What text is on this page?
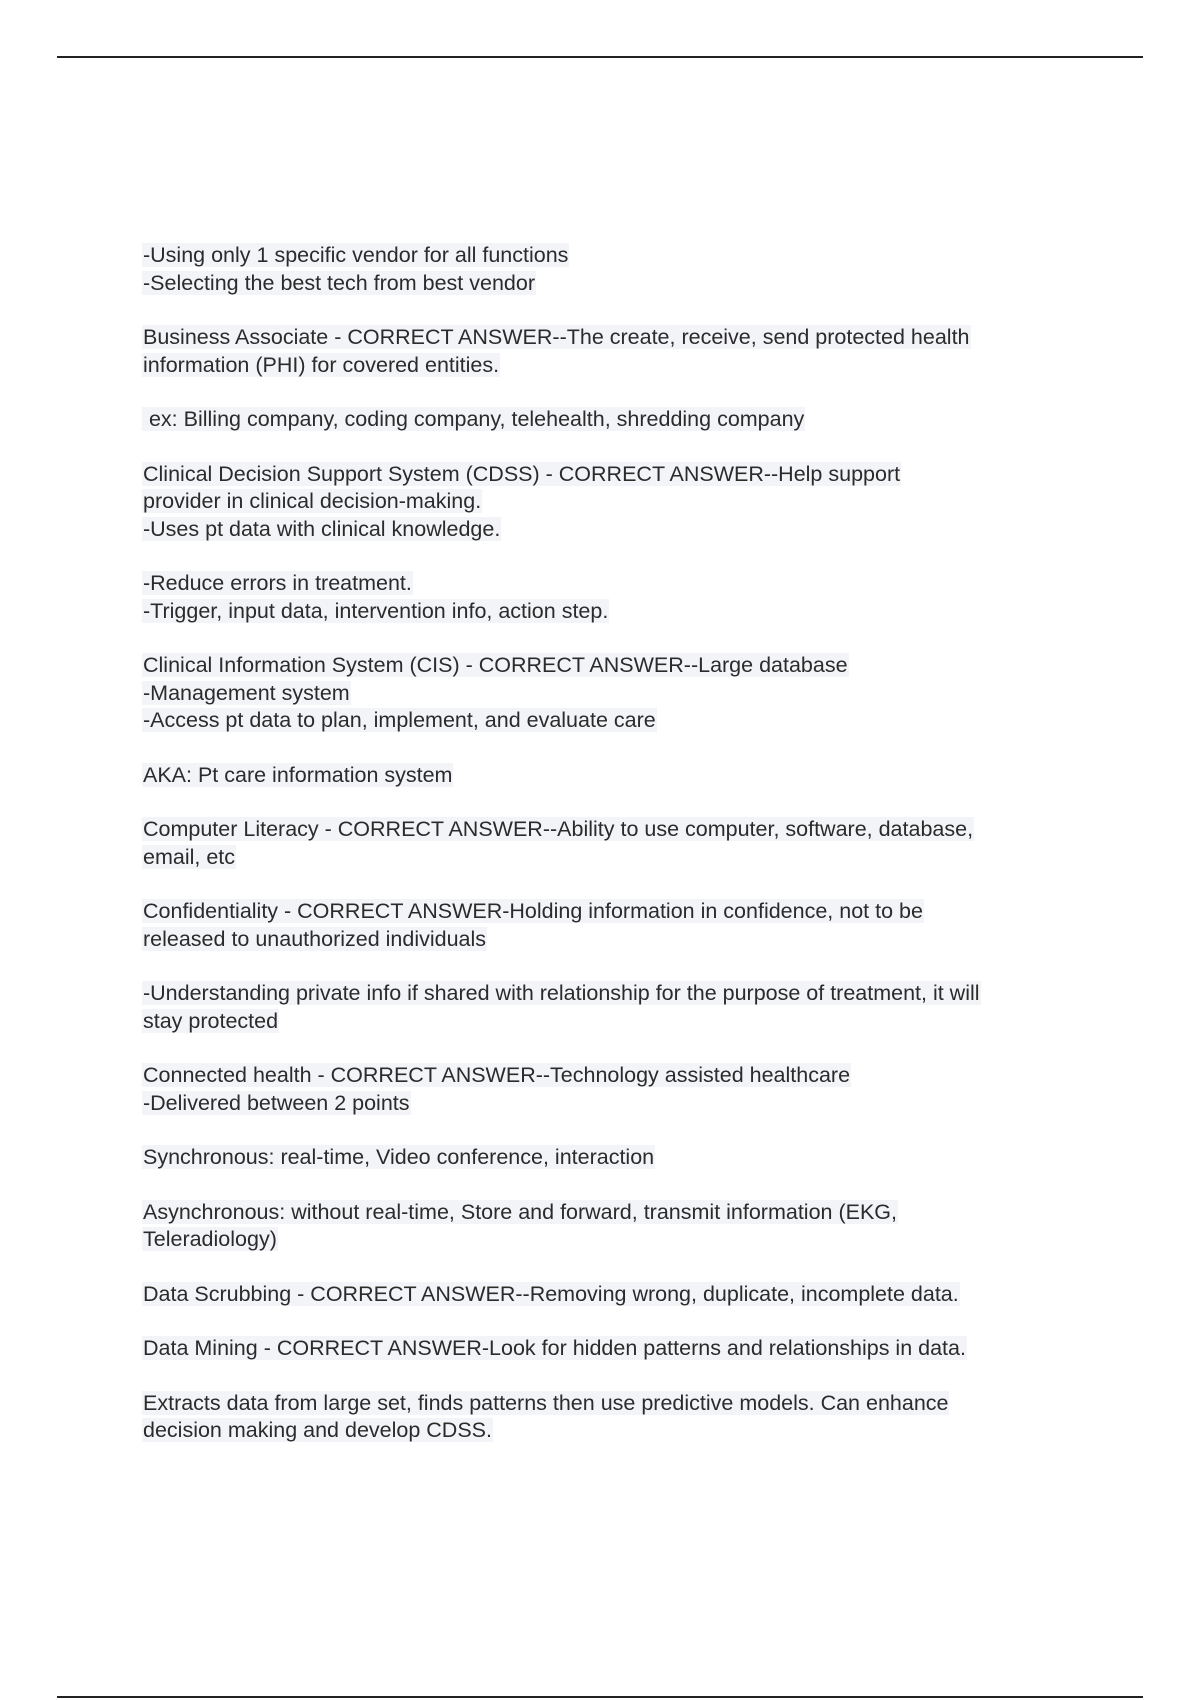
-Using only 1 specific vendor for all functions
-Selecting the best tech from best vendor

Business Associate - CORRECT ANSWER--The create, receive, send protected health
information (PHI) for covered entities.

ex: Billing company, coding company, telehealth, shredding company

Clinical Decision Support System (CDSS) - CORRECT ANSWER--Help support
provider in clinical decision-making.
-Uses pt data with clinical knowledge.

-Reduce errors in treatment.
-Trigger, input data, intervention info, action step.

Clinical Information System (CIS) - CORRECT ANSWER--Large database
-Management system
-Access pt data to plan, implement, and evaluate care

AKA: Pt care information system

Computer Literacy - CORRECT ANSWER--Ability to use computer, software, database,
email, etc

Confidentiality - CORRECT ANSWER-Holding information in confidence, not to be
released to unauthorized individuals

-Understanding private info if shared with relationship for the purpose of treatment, it will
stay protected

Connected health - CORRECT ANSWER--Technology assisted healthcare
-Delivered between 2 points

Synchronous: real-time, Video conference, interaction

Asynchronous: without real-time, Store and forward, transmit information (EKG,
Teleradiology)

Data Scrubbing - CORRECT ANSWER--Removing wrong, duplicate, incomplete data.

Data Mining - CORRECT ANSWER-Look for hidden patterns and relationships in data.

Extracts data from large set, finds patterns then use predictive models. Can enhance
decision making and develop CDSS.
